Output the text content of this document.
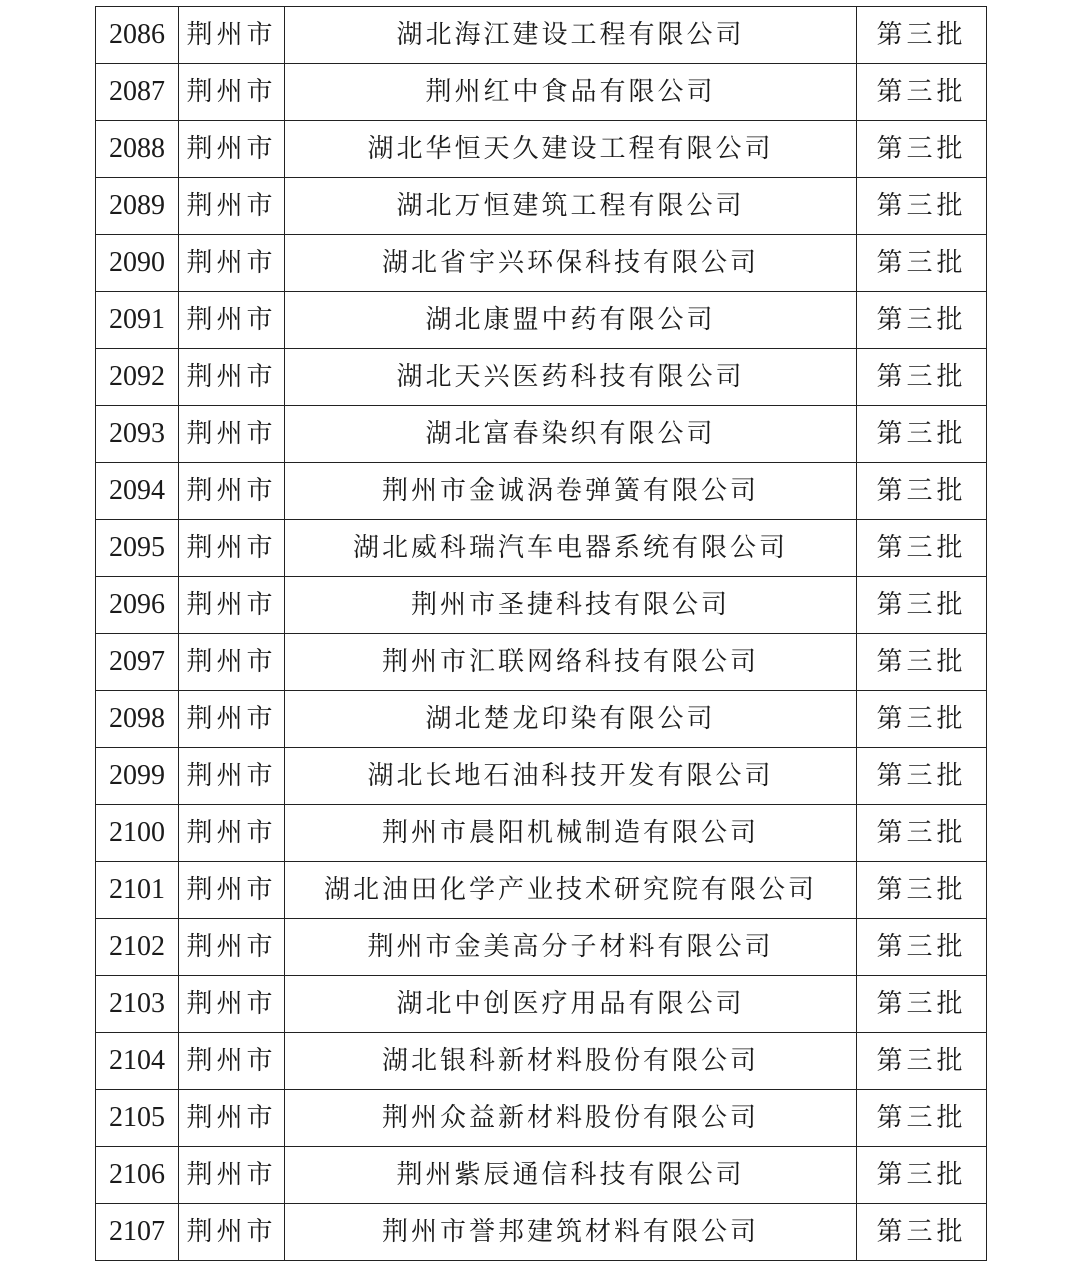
2086	荆州市	湖北海江建设工程有限公司	第三批
2087	荆州市	荆州红中食品有限公司	第三批
2088	荆州市	湖北华恒天久建设工程有限公司	第三批
2089	荆州市	湖北万恒建筑工程有限公司	第三批
2090	荆州市	湖北省宇兴环保科技有限公司	第三批
2091	荆州市	湖北康盟中药有限公司	第三批
2092	荆州市	湖北天兴医药科技有限公司	第三批
2093	荆州市	湖北富春染织有限公司	第三批
2094	荆州市	荆州市金诚涡卷弹簧有限公司	第三批
2095	荆州市	湖北威科瑞汽车电器系统有限公司	第三批
2096	荆州市	荆州市圣捷科技有限公司	第三批
2097	荆州市	荆州市汇联网络科技有限公司	第三批
2098	荆州市	湖北楚龙印染有限公司	第三批
2099	荆州市	湖北长地石油科技开发有限公司	第三批
2100	荆州市	荆州市晨阳机械制造有限公司	第三批
2101	荆州市	湖北油田化学产业技术研究院有限公司	第三批
2102	荆州市	荆州市金美高分子材料有限公司	第三批
2103	荆州市	湖北中创医疗用品有限公司	第三批
2104	荆州市	湖北银科新材料股份有限公司	第三批
2105	荆州市	荆州众益新材料股份有限公司	第三批
2106	荆州市	荆州紫辰通信科技有限公司	第三批
2107	荆州市	荆州市誉邦建筑材料有限公司	第三批
